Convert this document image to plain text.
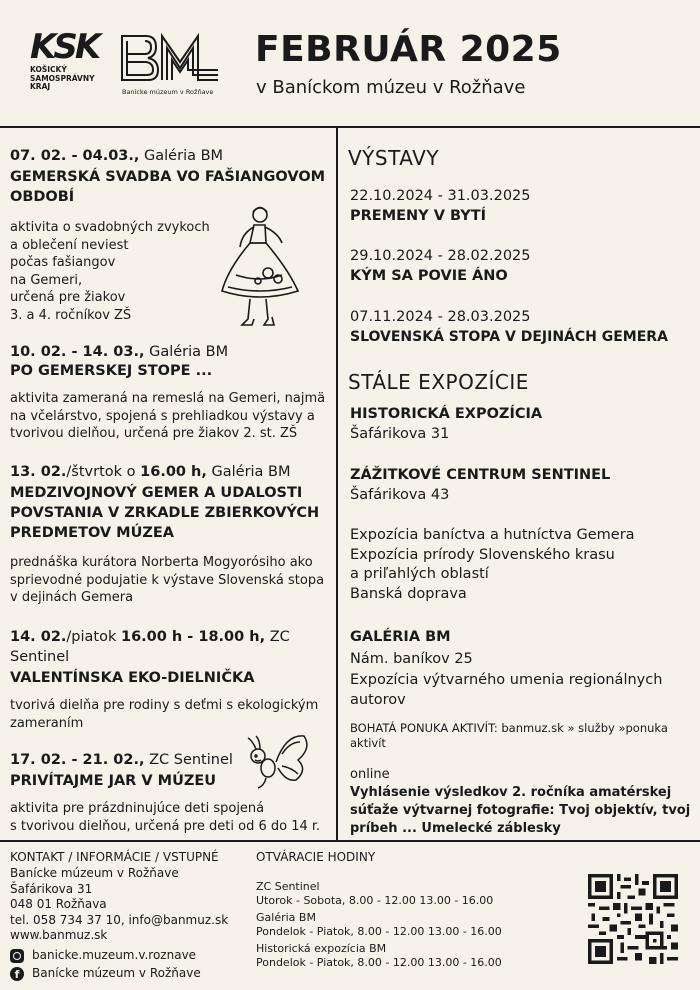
KSK
KOŠICKÝ
SAMOSPRÁVNY
KRAJ
Banícke múzeum v Rožňave
FEBRUÁR 2025
v Baníckom múzeu v Rožňave
07. 02. - 04.03., Galéria BM
GEMERSKÁ SVADBA VO FAŠIANGOVOM
OBDOBÍ
aktivita o svadobných zvykoch
a oblečení neviest
počas fašiangov
na Gemeri,
určená pre žiakov
3. a 4. ročníkov ZŠ
10. 02. - 14. 03., Galéria BM
PO GEMERSKEJ STOPE ...
aktivita zameraná na remeslá na Gemeri, najmä
na včelárstvo, spojená s prehliadkou výstavy a
tvorivou dielňou, určená pre žiakov 2. st. ZŠ
13. 02./štvrtok o 16.00 h, Galéria BM
MEDZIVOJNOVÝ GEMER A UDALOSTI
POVSTANIA V ZRKADLE ZBIERKOVÝCH
PREDMETOV MÚZEA
prednáška kurátora Norberta Mogyorósiho ako
sprievodné podujatie k výstave Slovenská stopa
v dejinách Gemera
14. 02./piatok 16.00 h - 18.00 h, ZC
Sentinel
VALENTÍNSKA EKO-DIELNIČKA
tvorivá dielňa pre rodiny s deťmi s ekologickým
zameraním
17. 02. - 21. 02., ZC Sentinel
PRIVÍTAJME JAR V MÚZEU
aktivita pre prázdninujúce deti spojená
s tvorivou dielňou, určená pre deti od 6 do 14 r.
VÝSTAVY
22.10.2024 - 31.03.2025
PREMENY V BYTÍ
29.10.2024 - 28.02.2025
KÝM SA POVIE ÁNO
07.11.2024 - 28.03.2025
SLOVENSKÁ STOPA V DEJINÁCH GEMERA
STÁLE EXPOZÍCIE
HISTORICKÁ EXPOZÍCIA
Šafárikova 31
ZÁŽITKOVÉ CENTRUM SENTINEL
Šafárikova 43
Expozícia baníctva a hutníctva Gemera
Expozícia prírody Slovenského krasu
a priľahlých oblastí
Banská doprava
GALÉRIA BM
Nám. baníkov 25
Expozícia výtvarného umenia regionálnych
autorov
BOHATÁ PONUKA AKTIVÍT: banmuz.sk » služby »ponuka
aktivít
online
Vyhlásenie výsledkov 2. ročníka amatérskej
súťaže výtvarnej fotografie: Tvoj objektív, tvoj
príbeh ... Umelecké záblesky
KONTAKT / INFORMÁCIE / VSTUPNÉ
Banícke múzeum v Rožňave
Šafárikova 31
048 01 Rožňava
tel. 058 734 37 10, info@banmuz.sk
www.banmuz.sk
banicke.muzeum.v.roznave
f	Banícke múzeum v Rožňave
OTVÁRACIE HODINY
ZC Sentinel
Utorok - Sobota, 8.00 - 12.00 13.00 - 16.00
Galéria BM
Pondelok - Piatok, 8.00 - 12.00 13.00 - 16.00
Historická expozícia BM
Pondelok - Piatok, 8.00 - 12.00 13.00 - 16.00
